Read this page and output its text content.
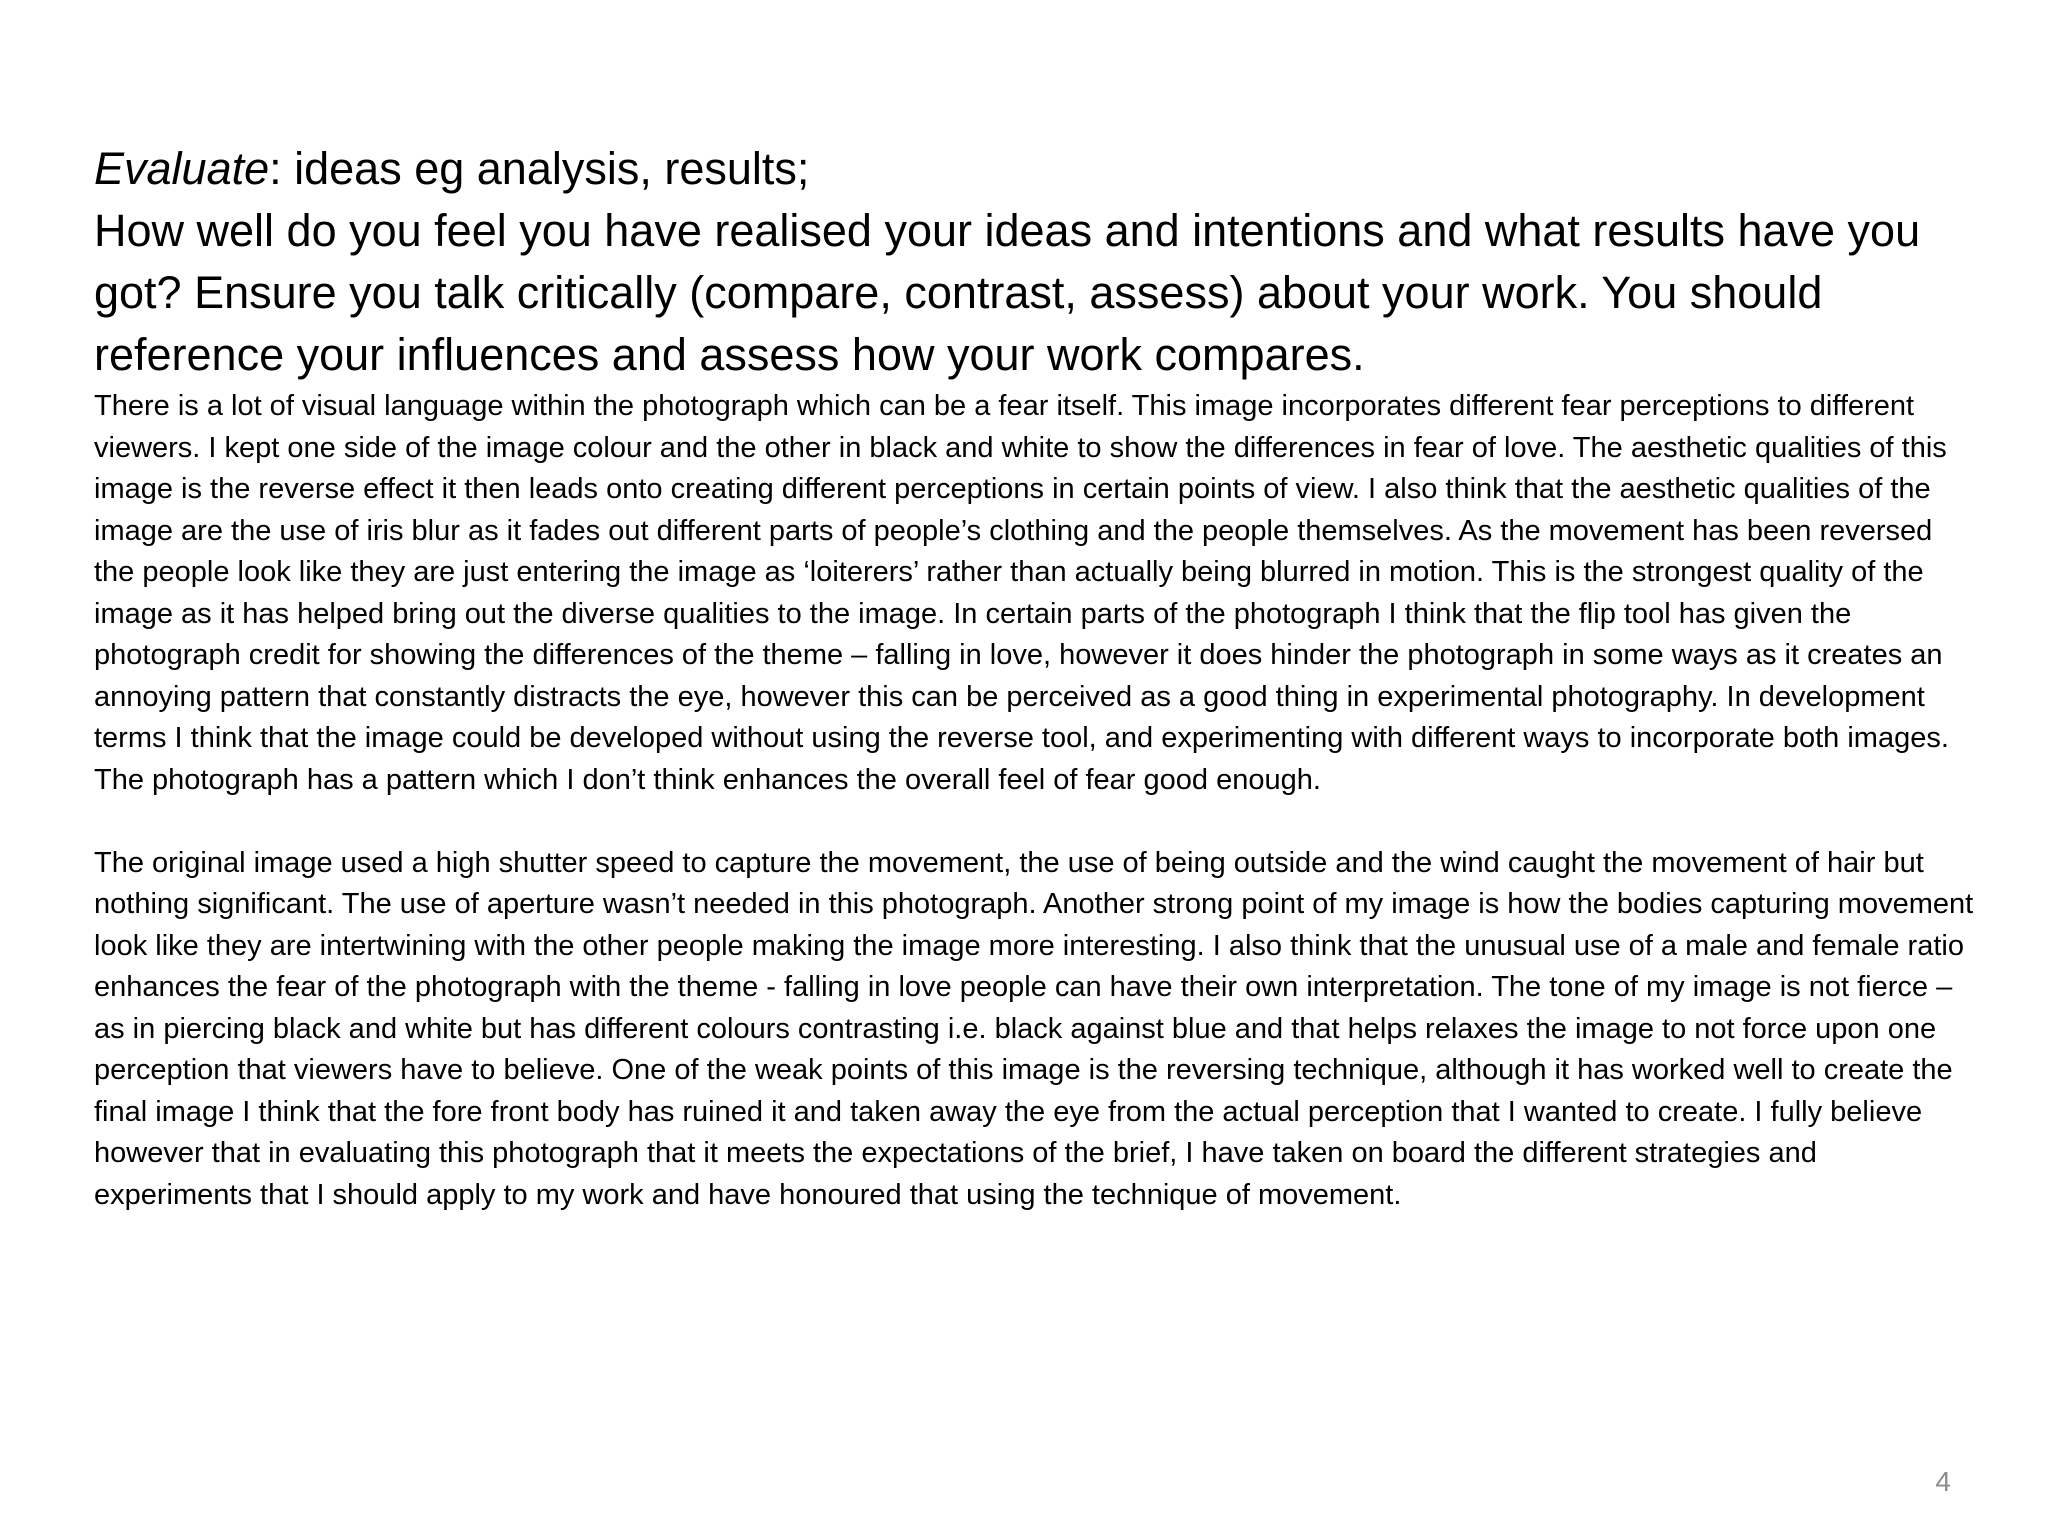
Evaluate: ideas eg analysis, results;

How well do you feel you have realised your ideas and intentions and what results have you got? Ensure you talk critically (compare, contrast, assess) about your work. You should reference your influences and assess how your work compares.

There is a lot of visual language within the photograph which can be a fear itself. This image incorporates different fear perceptions to different viewers. I kept one side of the image colour and the other in black and white to show the differences in fear of love. The aesthetic qualities of this image is the reverse effect it then leads onto creating different perceptions in certain points of view. I also think that the aesthetic qualities of the image are the use of iris blur as it fades out different parts of people’s clothing and the people themselves. As the movement has been reversed the people look like they are just entering the image as ‘loiterers’ rather than actually being blurred in motion. This is the strongest quality of the image as it has helped bring out the diverse qualities to the image. In certain parts of the photograph I think that the flip tool has given the photograph credit for showing the differences of the theme – falling in love, however it does hinder the photograph in some ways as it creates an annoying pattern that constantly distracts the eye, however this can be perceived as a good thing in experimental photography. In development terms I think that the image could be developed without using the reverse tool, and experimenting with different ways to incorporate both images. The photograph has a pattern which I don’t think enhances the overall feel of fear good enough.

The original image used a high shutter speed to capture the movement, the use of being outside and the wind caught the movement of hair but nothing significant. The use of aperture wasn’t needed in this photograph. Another strong point of my image is how the bodies capturing movement look like they are intertwining with the other people making the image more interesting. I also think that the unusual use of a male and female ratio enhances the fear of the photograph with the theme - falling in love people can have their own interpretation. The tone of my image is not fierce – as in piercing black and white but has different colours contrasting i.e. black against blue and that helps relaxes the image to not force upon one perception that viewers have to believe. One of the weak points of this image is the reversing technique, although it has worked well to create the final image I think that the fore front body has ruined it and taken away the eye from the actual perception that I wanted to create. I fully believe however that in evaluating this photograph that it meets the expectations of the brief, I have taken on board the different strategies and experiments that I should apply to my work and have honoured that using the technique of movement.

4
